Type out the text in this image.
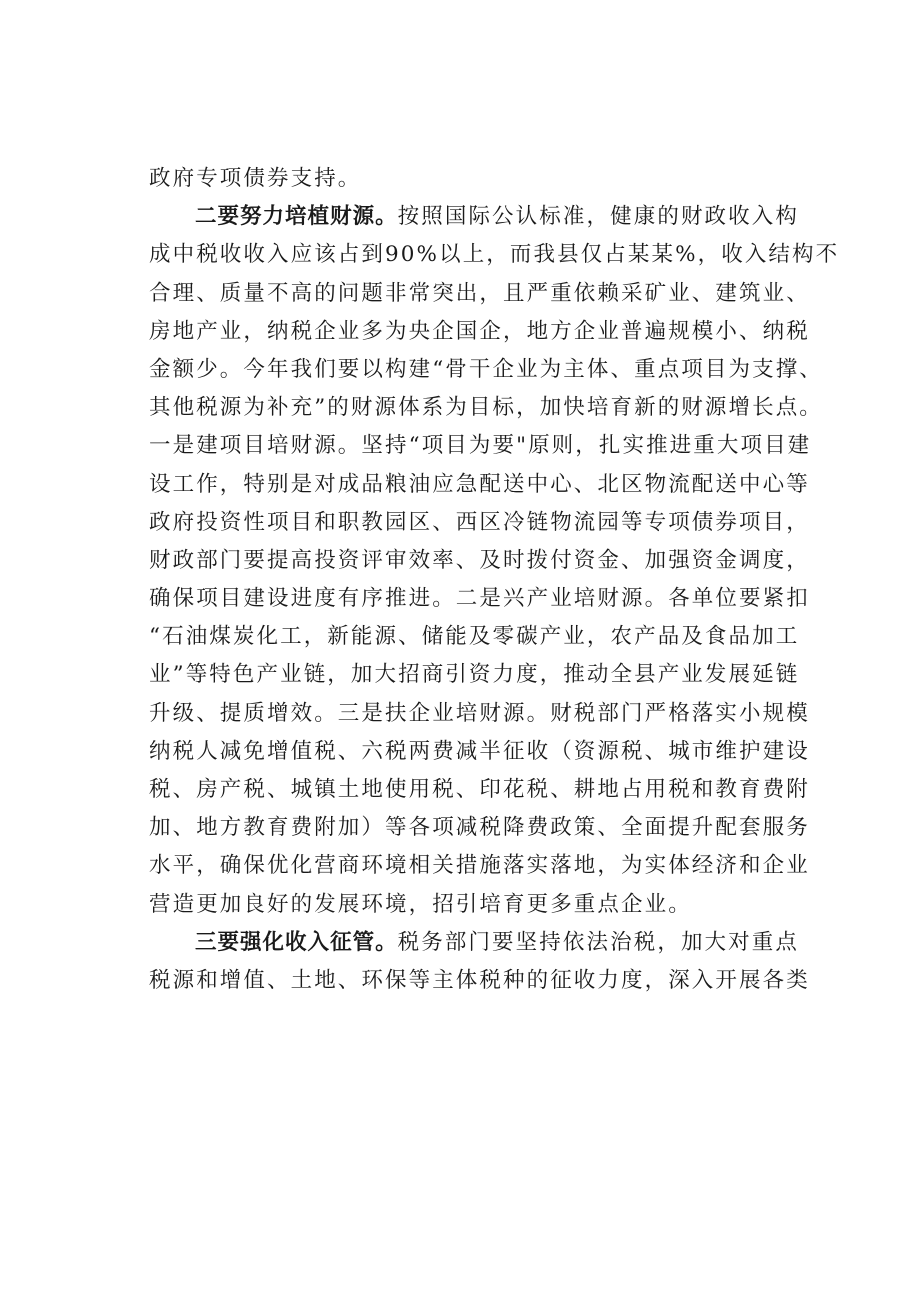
政府专项债券支持。
二要努力培植财源。按照国际公认标准，健康的财政收入构
成中税收收入应该占到90%以上，而我县仅占某某%，收入结构不
合理、质量不高的问题非常突出，且严重依赖采矿业、建筑业、
房地产业，纳税企业多为央企国企，地方企业普遍规模小、纳税
金额少。今年我们要以构建“骨干企业为主体、重点项目为支撑、
其他税源为补充”的财源体系为目标，加快培育新的财源增长点。
一是建项目培财源。坚持“项目为要"原则，扎实推进重大项目建
设工作，特别是对成品粮油应急配送中心、北区物流配送中心等
政府投资性项目和职教园区、西区冷链物流园等专项债券项目，
财政部门要提高投资评审效率、及时拨付资金、加强资金调度，
确保项目建设进度有序推进。二是兴产业培财源。各单位要紧扣
“石油煤炭化工，新能源、储能及零碳产业，农产品及食品加工
业”等特色产业链，加大招商引资力度，推动全县产业发展延链
升级、提质增效。三是扶企业培财源。财税部门严格落实小规模
纳税人减免增值税、六税两费减半征收（资源税、城市维护建设
税、房产税、城镇土地使用税、印花税、耕地占用税和教育费附
加、地方教育费附加）等各项减税降费政策、全面提升配套服务
水平，确保优化营商环境相关措施落实落地，为实体经济和企业
营造更加良好的发展环境，招引培育更多重点企业。
三要强化收入征管。税务部门要坚持依法治税，加大对重点
税源和增值、土地、环保等主体税种的征收力度，深入开展各类
